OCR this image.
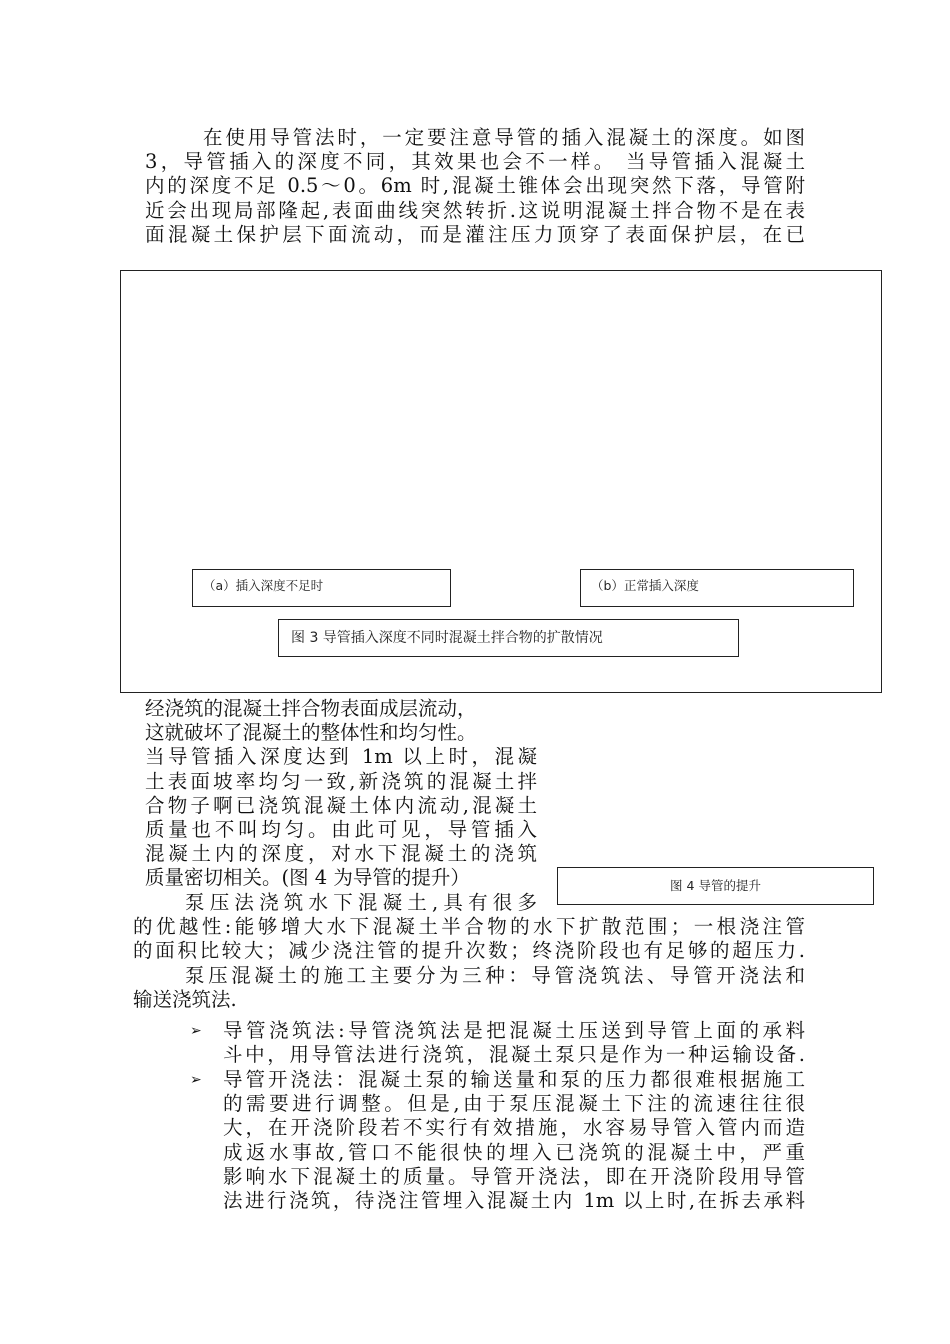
在使用导管法时，一定要注意导管的插入混凝土的深度。如图
3，导管插入的深度不同，其效果也会不一样。 当导管插入混凝土
内的深度不足 0.5～0。6m 时,混凝土锥体会出现突然下落，导管附
近会出现局部隆起,表面曲线突然转折.这说明混凝土拌合物不是在表
面混凝土保护层下面流动，而是灌注压力顶穿了表面保护层，在已
（a）插入深度不足时	（b）正常插入深度
图 3 导管插入深度不同时混凝土拌合物的扩散情况
经浇筑的混凝土拌合物表面成层流动，
这就破坏了混凝土的整体性和均匀性。
当导管插入深度达到 1m 以上时，混凝
土表面坡率均匀一致,新浇筑的混凝土拌
合物子啊已浇筑混凝土体内流动,混凝土
质量也不叫均匀。由此可见，导管插入
混凝土内的深度，对水下混凝土的浇筑
质量密切相关。(图 4 为导管的提升）	图 4 导管的提升
泵压法浇筑水下混凝土,具有很多
的优越性:能够增大水下混凝土半合物的水下扩散范围；一根浇注管
的面积比较大；减少浇注管的提升次数；终浇阶段也有足够的超压力.
泵压混凝土的施工主要分为三种：导管浇筑法、导管开浇法和
输送浇筑法.
➢ 导管浇筑法:导管浇筑法是把混凝土压送到导管上面的承料
斗中，用导管法进行浇筑，混凝土泵只是作为一种运输设备.
➢ 导管开浇法：混凝土泵的输送量和泵的压力都很难根据施工
的需要进行调整。但是,由于泵压混凝土下注的流速往往很
大，在开浇阶段若不实行有效措施，水容易导管入管内而造
成返水事故,管口不能很快的埋入已浇筑的混凝土中，严重
影响水下混凝土的质量。导管开浇法，即在开浇阶段用导管
法进行浇筑，待浇注管埋入混凝土内 1m 以上时,在拆去承料
